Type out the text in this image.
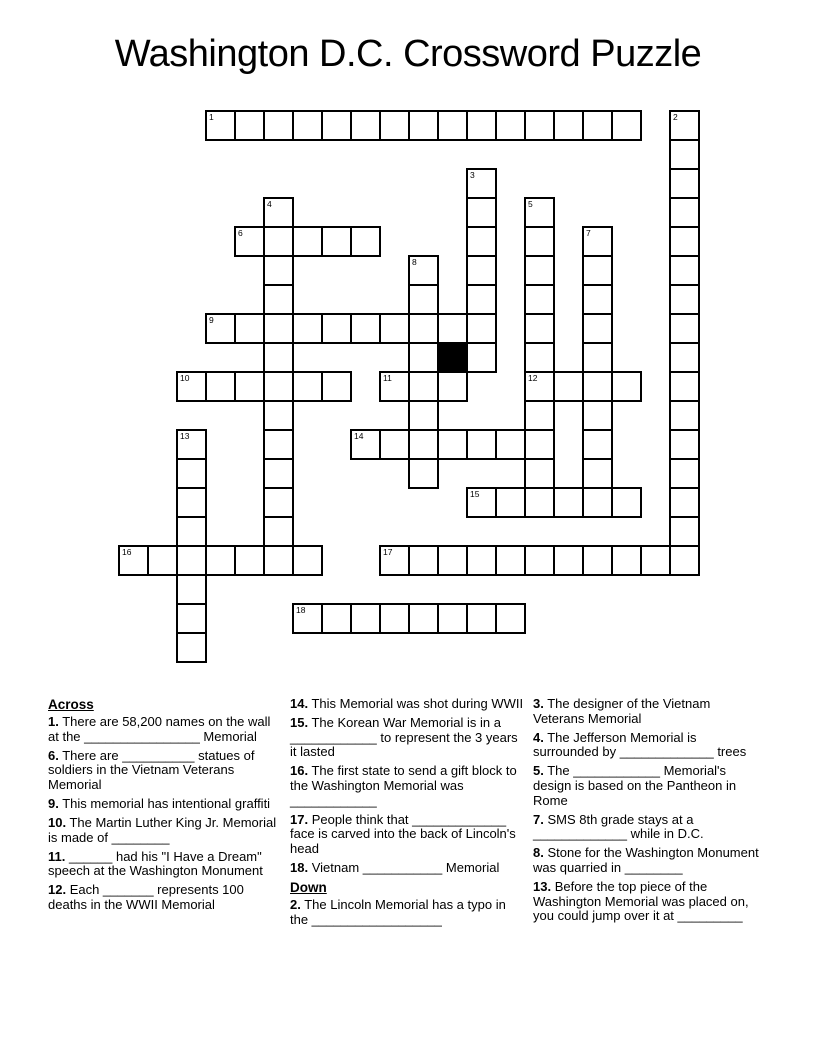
Washington D.C. Crossword Puzzle
1	2
3
4	5
6	7
8
9
10	11	12
13	14
15
16	17
18
Across
1. There are 58,200 names on the wall at the ________________ Memorial
6. There are __________ statues of soldiers in the Vietnam Veterans Memorial
9. This memorial has intentional graffiti
10. The Martin Luther King Jr. Memorial is made of ________
11. ______ had his "I Have a Dream" speech at the Washington Monument
12. Each _______ represents 100 deaths in the WWII Memorial
14. This Memorial was shot during WWII
15. The Korean War Memorial is in a ____________ to represent the 3 years it lasted
16. The first state to send a gift block to the Washington Memorial was ____________
17. People think that _____________ face is carved into the back of Lincoln's head
18. Vietnam ___________ Memorial
Down
2. The Lincoln Memorial has a typo in the __________________
3. The designer of the Vietnam Veterans Memorial
4. The Jefferson Memorial is surrounded by _____________ trees
5. The ____________ Memorial's design is based on the Pantheon in Rome
7. SMS 8th grade stays at a _____________ while in D.C.
8. Stone for the Washington Monument was quarried in ________
13. Before the top piece of the Washington Memorial was placed on, you could jump over it at _________
